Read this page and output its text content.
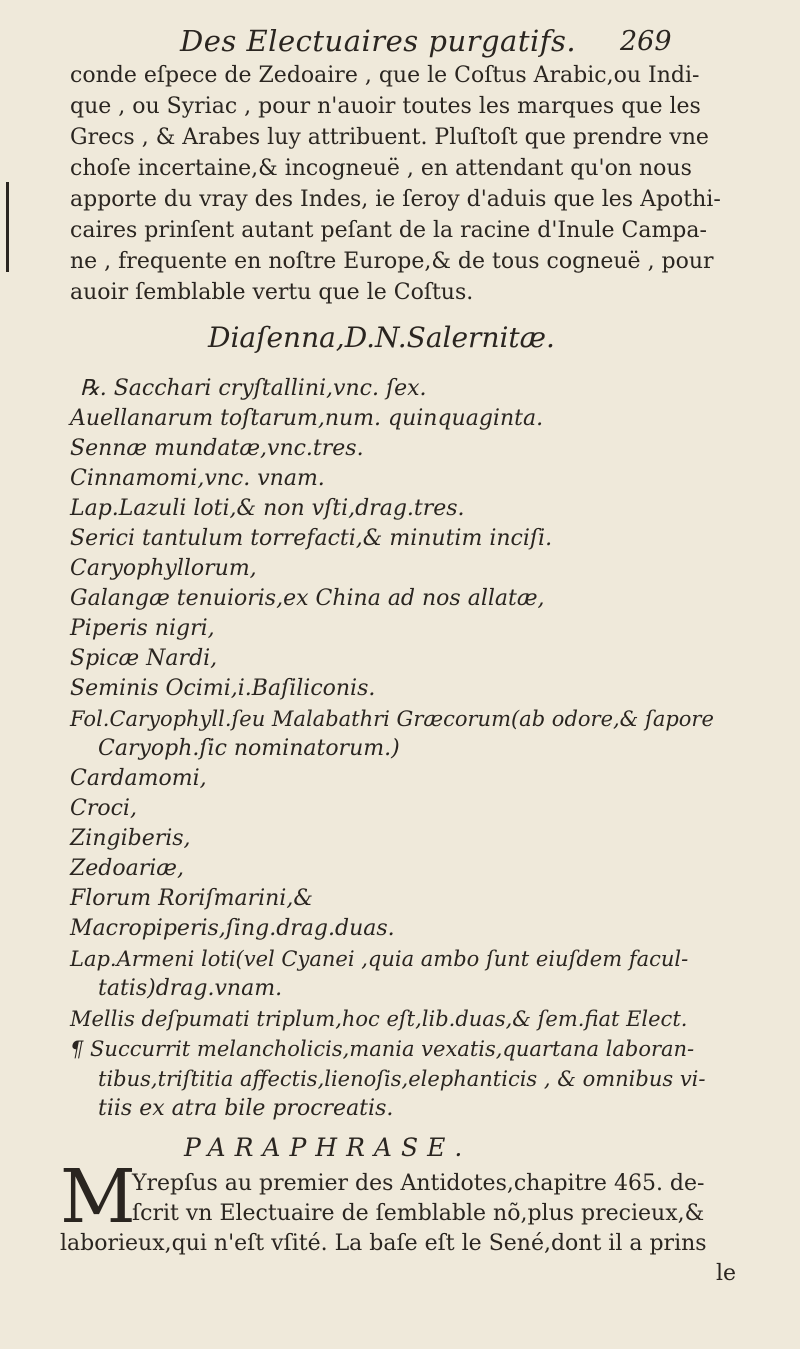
Des Electuaires purgatifs. 269
conde eſpece de Zedoaire , que le Coſtus Arabic,ou Indi-
que , ou Syriac , pour n'auoir toutes les marques que les
Grecs , & Arabes luy attribuent. Pluſtoſt que prendre vne
choſe incertaine,& incogneuë , en attendant qu'on nous
apporte du vray des Indes, ie ſeroy d'aduis que les Apothi-
caires prinſent autant peſant de la racine d'Inule Campa-
ne , frequente en noſtre Europe,& de tous cogneuë , pour
auoir ſemblable vertu que le Coſtus.
Diaſenna,D.N.Salernitæ.
℞. Sacchari cryſtallini,vnc. ſex.
Auellanarum toſtarum,num. quinquaginta.
Sennæ mundatæ,vnc.tres.
Cinnamomi,vnc. vnam.
Lap.Lazuli loti,& non vſti,drag.tres.
Serici tantulum torrefacti,& minutim inciſi.
Caryophyllorum,
Galangæ tenuioris,ex China ad nos allatæ,
Piperis nigri,
Spicæ Nardi,
Seminis Ocimi,i.Baſiliconis.
Fol.Caryophyll.ſeu Malabathri Græcorum(ab odore,& ſapore
Caryoph.ſic nominatorum.)
Cardamomi,
Croci,
Zingiberis,
Zedoariæ,
Florum Roriſmarini,&
Macropiperis,ſing.drag.duas.
Lap.Armeni loti(vel Cyanei ,quia ambo ſunt eiuſdem facul-
tatis)drag.vnam.
Mellis deſpumati triplum,hoc eſt,lib.duas,& ſem.fiat Elect.
¶ Succurrit melancholicis,mania vexatis,quartana laboran-
tibus,triſtitia affectis,lienoſis,elephanticis , & omnibus vi-
tiis ex atra bile procreatis.
PARAPHRASE.
M
Yrepſus au premier des Antidotes,chapitre 465. de-
ſcrit vn Electuaire de ſemblable nõ,plus precieux,&
laborieux,qui n'eſt vſité. La baſe eſt le Sené,dont il a prins
le
